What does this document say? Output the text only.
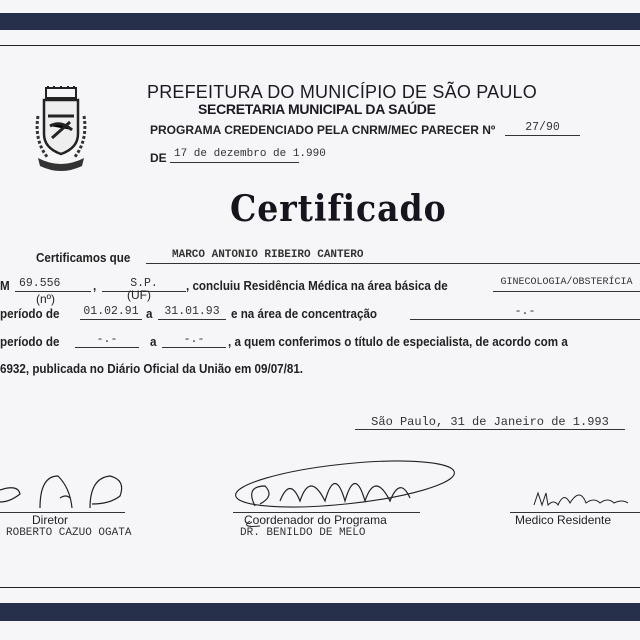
PREFEITURA DO MUNICÍPIO DE SÃO PAULO
SECRETARIA MUNICIPAL DA SAÚDE
PROGRAMA CREDENCIADO PELA CNRM/MEC PARECER Nº	27/90
DE 17 de dezembro de 1.990
Certificado
Certificamos que	MARCO ANTONIO RIBEIRO CANTERO
M 69.556	,	S.P.	, concluiu Residência Médica na área básica de	GINECOLOGIA/OBSTERÍCIA
(nº)	(UF)
período de 01.02.91 a	31.01.93 e na área de concentração	-.-
período de	-.-	a	-.-	, a quem conferimos o título de especialista, de acordo com a
6932, publicada no Diário Oficial da União em 09/07/81.
São Paulo, 31 de Janeiro de 1.993
Diretor
ROBERTO CAZUO OGATA
Coordenador do Programa
DR. BENILDO DE MELO
Medico Residente
